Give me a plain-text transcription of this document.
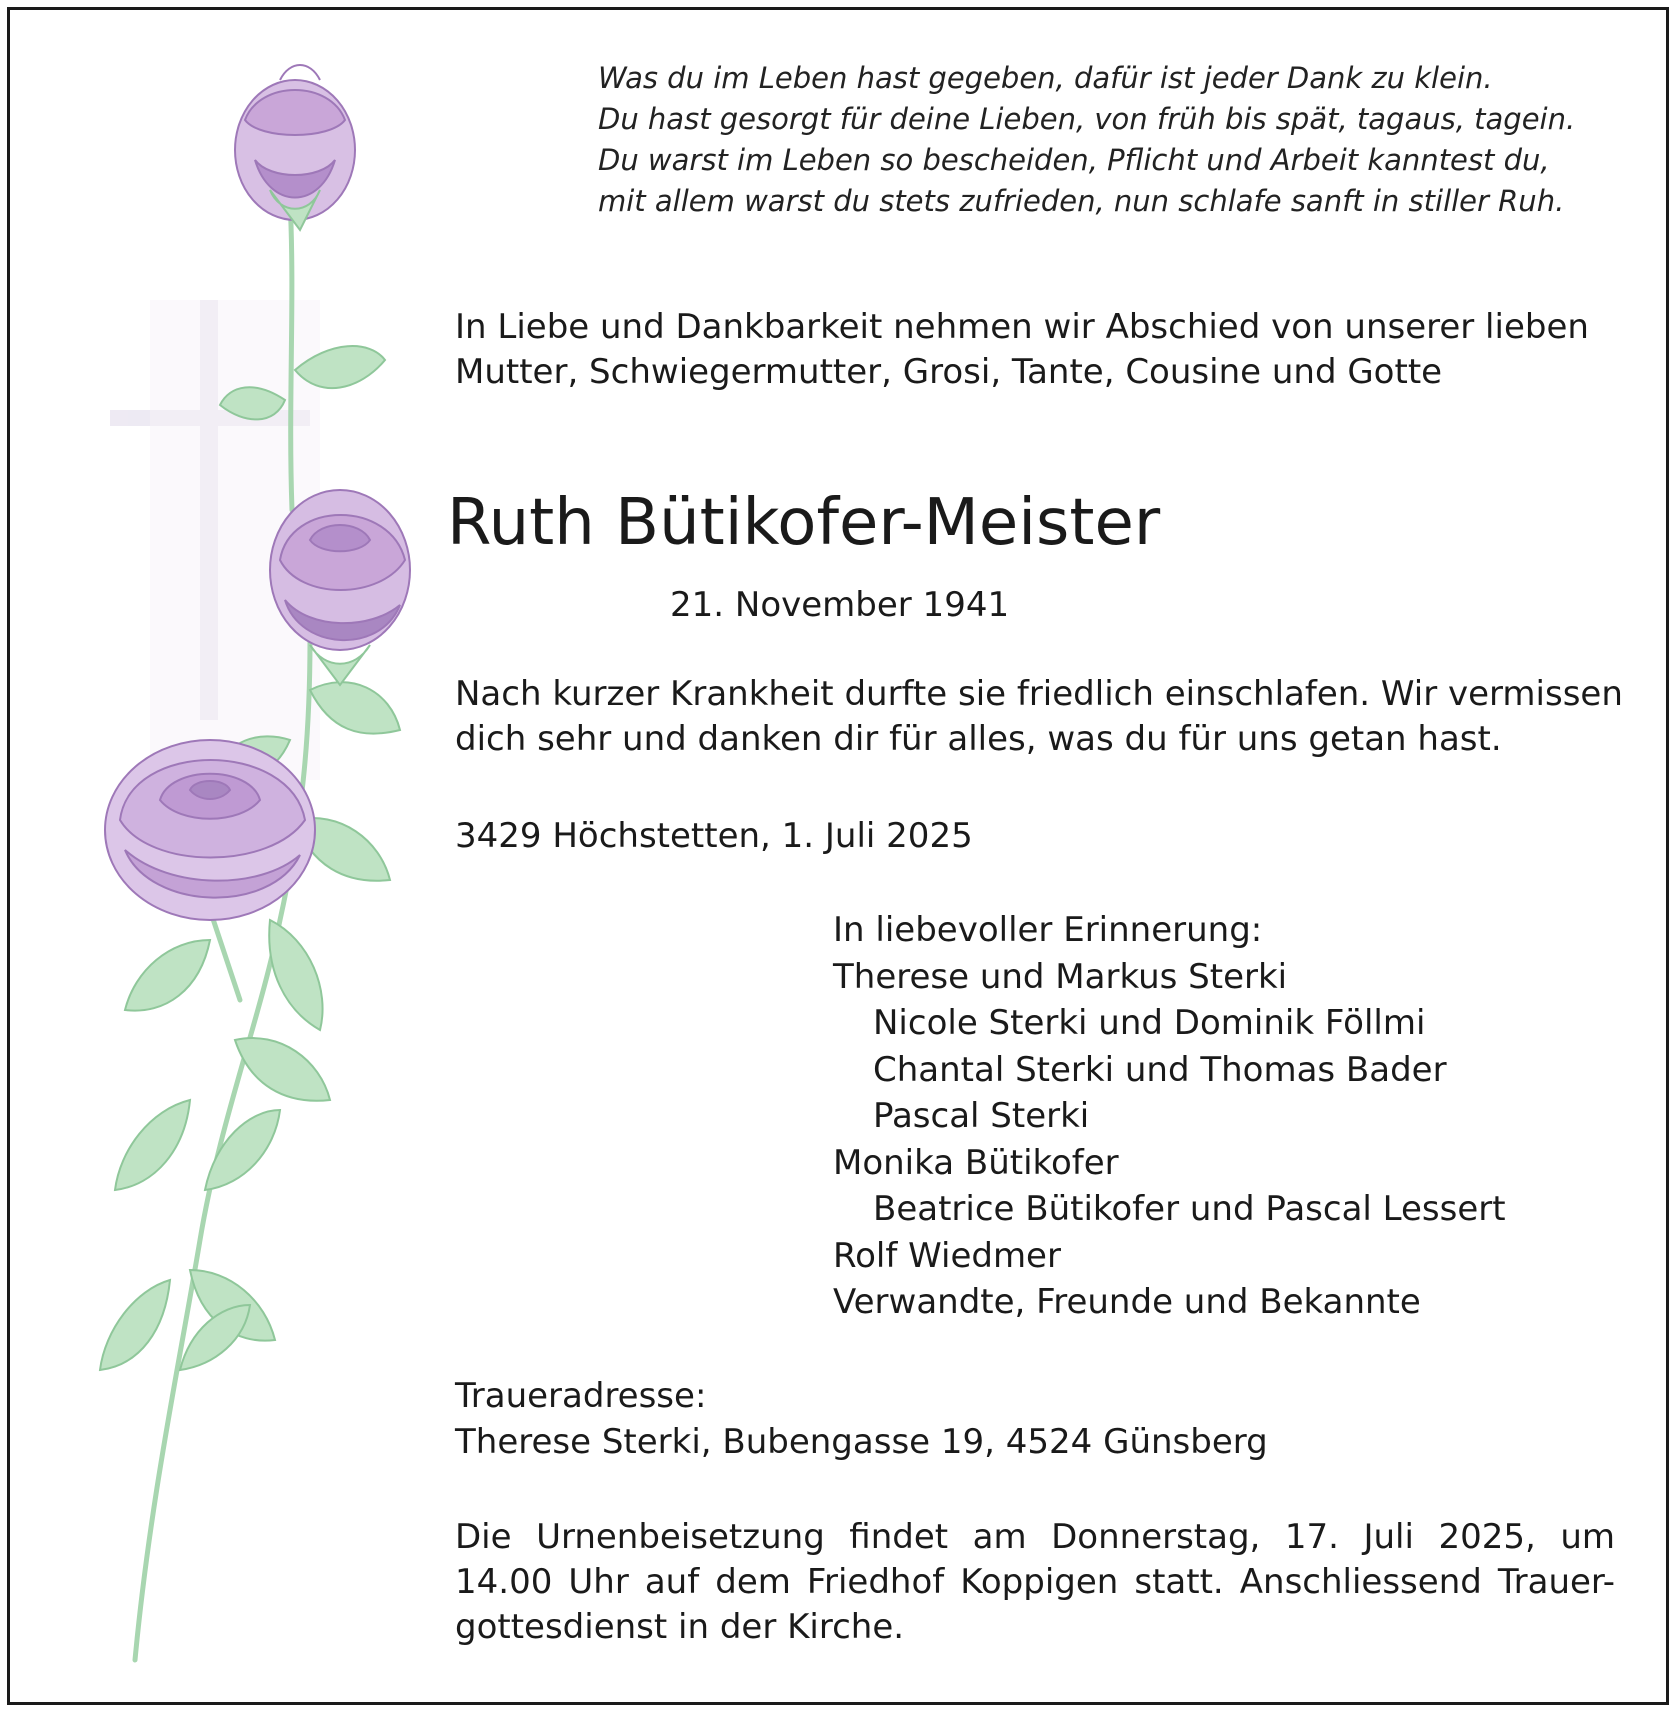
Was du im Leben hast gegeben, dafür ist jeder Dank zu klein.
Du hast gesorgt für deine Lieben, von früh bis spät, tagaus, tagein.
Du warst im Leben so bescheiden, Pflicht und Arbeit kanntest du,
mit allem warst du stets zufrieden, nun schlafe sanft in stiller Ruh.
In Liebe und Dankbarkeit nehmen wir Abschied von unserer lieben
Mutter, Schwiegermutter, Grosi, Tante, Cousine und Gotte
Ruth Bütikofer-Meister
21. November 1941
Nach kurzer Krankheit durfte sie friedlich einschlafen. Wir vermissen
dich sehr und danken dir für alles, was du für uns getan hast.
3429 Höchstetten, 1. Juli 2025
In liebevoller Erinnerung:
Therese und Markus Sterki
Nicole Sterki und Dominik Föllmi
Chantal Sterki und Thomas Bader
Pascal Sterki
Monika Bütikofer
Beatrice Bütikofer und Pascal Lessert
Rolf Wiedmer
Verwandte, Freunde und Bekannte
Traueradresse:
Therese Sterki, Bubengasse 19, 4524 Günsberg
Die Urnenbeisetzung findet am Donnerstag, 17. Juli 2025, um
14.00 Uhr auf dem Friedhof Koppigen statt. Anschliessend Trauer-
gottesdienst in der Kirche.
